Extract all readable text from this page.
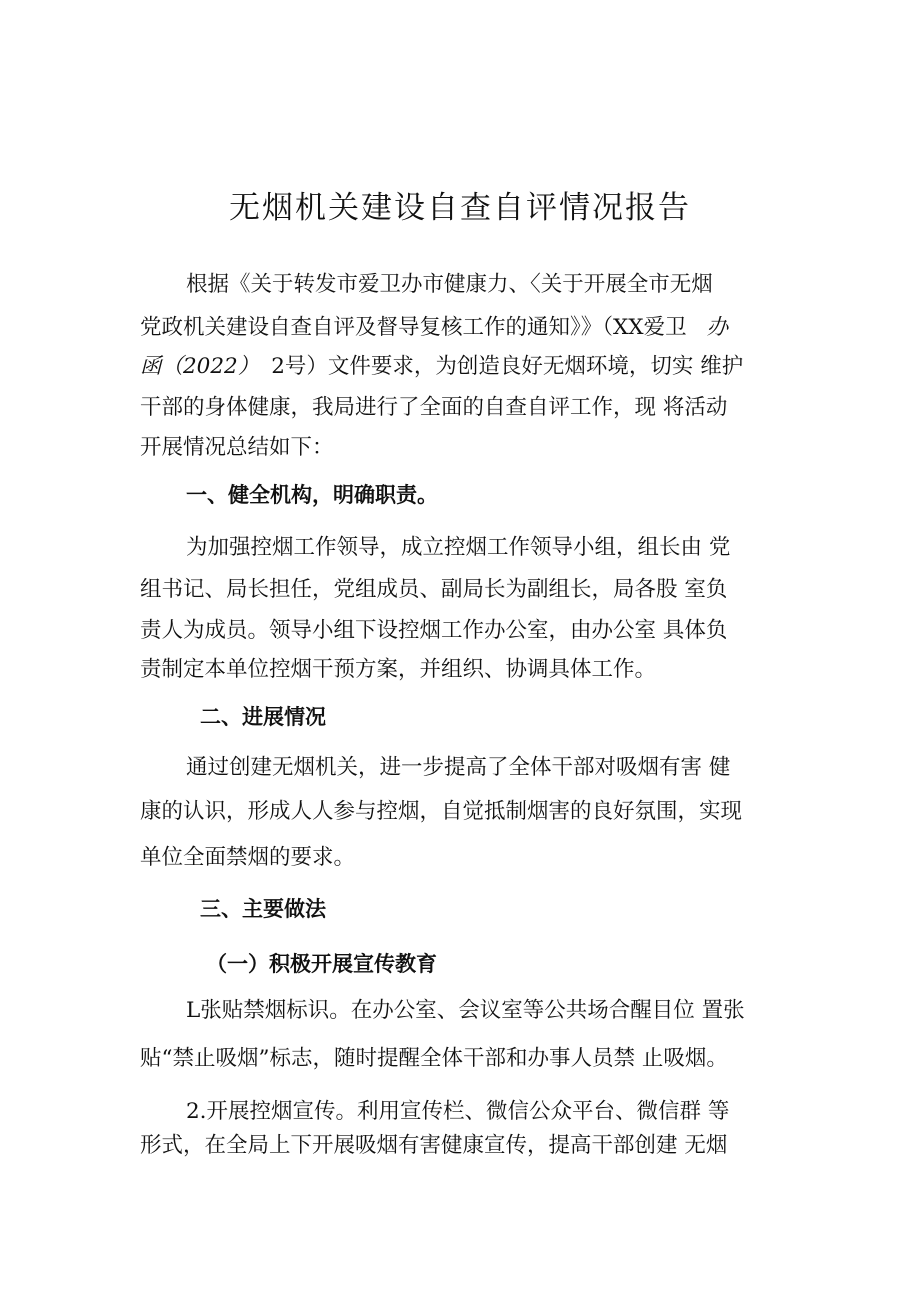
无烟机关建设自查自评情况报告

根据《关于转发市爱卫办市健康力、〈关于开展全市无烟

党政机关建设自查自评及督导复核工作的通知》》（XX爱卫 办

函（2022） 2号）文件要求，为创造良好无烟环境，切实 维护

干部的身体健康，我局进行了全面的自查自评工作，现 将活动

开展情况总结如下：

一、健全机构，明确职责。

为加强控烟工作领导，成立控烟工作领导小组，组长由 党

组书记、局长担任，党组成员、副局长为副组长，局各股 室负

责人为成员。领导小组下设控烟工作办公室，由办公室 具体负

责制定本单位控烟干预方案，并组织、协调具体工作。

二、进展情况

通过创建无烟机关，进一步提高了全体干部对吸烟有害 健

康的认识，形成人人参与控烟，自觉抵制烟害的良好氛围，实现

单位全面禁烟的要求。

三、主要做法
（一）积极开展宣传教育

L张贴禁烟标识。在办公室、会议室等公共场合醒目位 置张

贴“禁止吸烟”标志，随时提醒全体干部和办事人员禁 止吸烟。

2.开展控烟宣传。利用宣传栏、微信公众平台、微信群 等

形式，在全局上下开展吸烟有害健康宣传，提高干部创建 无烟
